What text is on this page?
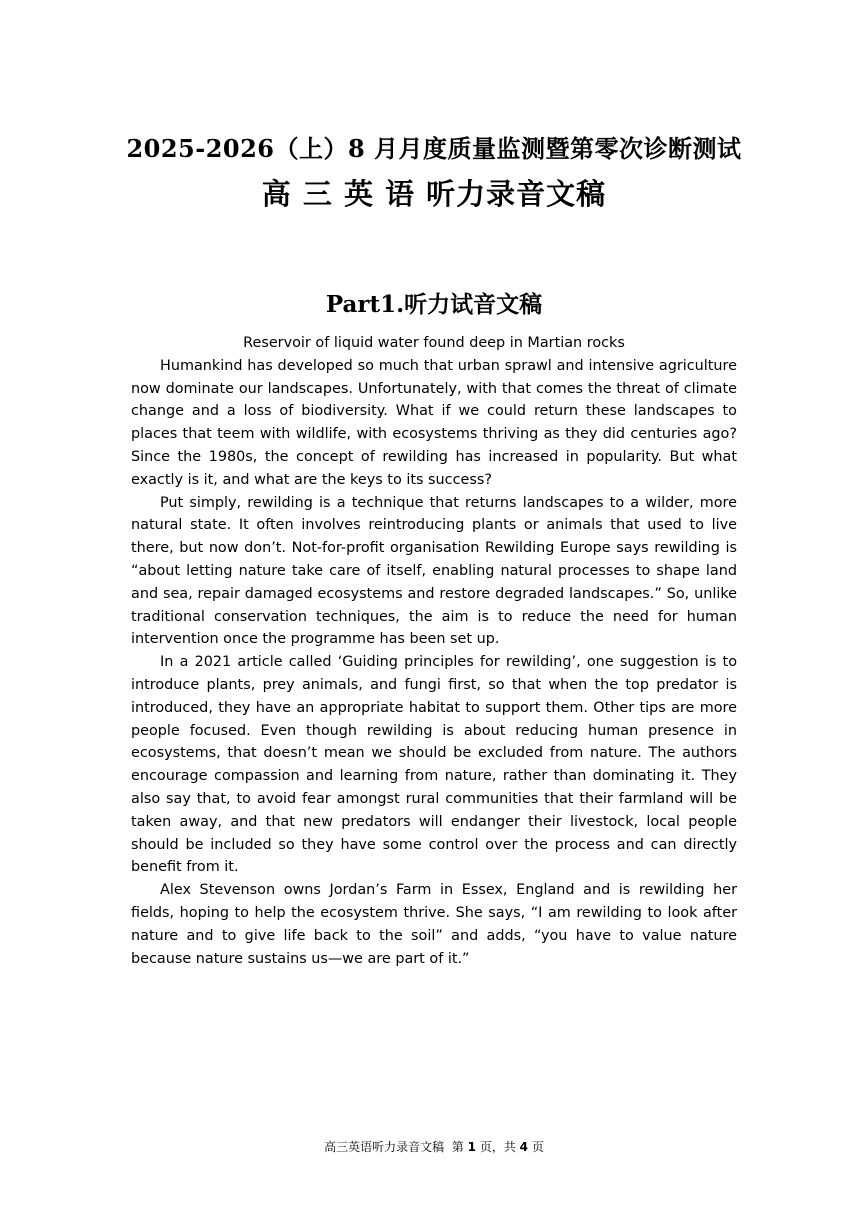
2025-2026（上）8 月月度质量监测暨第零次诊断测试
高 三 英 语 听力录音文稿
Part1.听力试音文稿

Reservoir of liquid water found deep in Martian rocks

Humankind has developed so much that urban sprawl and intensive agriculture now dominate our landscapes. Unfortunately, with that comes the threat of climate change and a loss of biodiversity. What if we could return these landscapes to places that teem with wildlife, with ecosystems thriving as they did centuries ago? Since the 1980s, the concept of rewilding has increased in popularity. But what exactly is it, and what are the keys to its success?

Put simply, rewilding is a technique that returns landscapes to a wilder, more natural state. It often involves reintroducing plants or animals that used to live there, but now don’t. Not-for-profit organisation Rewilding Europe says rewilding is “about letting nature take care of itself, enabling natural processes to shape land and sea, repair damaged ecosystems and restore degraded landscapes.” So, unlike traditional conservation techniques, the aim is to reduce the need for human intervention once the programme has been set up.

In a 2021 article called ‘Guiding principles for rewilding’, one suggestion is to introduce plants, prey animals, and fungi first, so that when the top predator is introduced, they have an appropriate habitat to support them. Other tips are more people focused. Even though rewilding is about reducing human presence in ecosystems, that doesn’t mean we should be excluded from nature. The authors encourage compassion and learning from nature, rather than dominating it. They also say that, to avoid fear amongst rural communities that their farmland will be taken away, and that new predators will endanger their livestock, local people should be included so they have some control over the process and can directly benefit from it.

Alex Stevenson owns Jordan’s Farm in Essex, England and is rewilding her fields, hoping to help the ecosystem thrive. She says, “I am rewilding to look after nature and to give life back to the soil” and adds, “you have to value nature because nature sustains us—we are part of it.”

高三英语听力录音文稿 第 1 页，共 4 页
